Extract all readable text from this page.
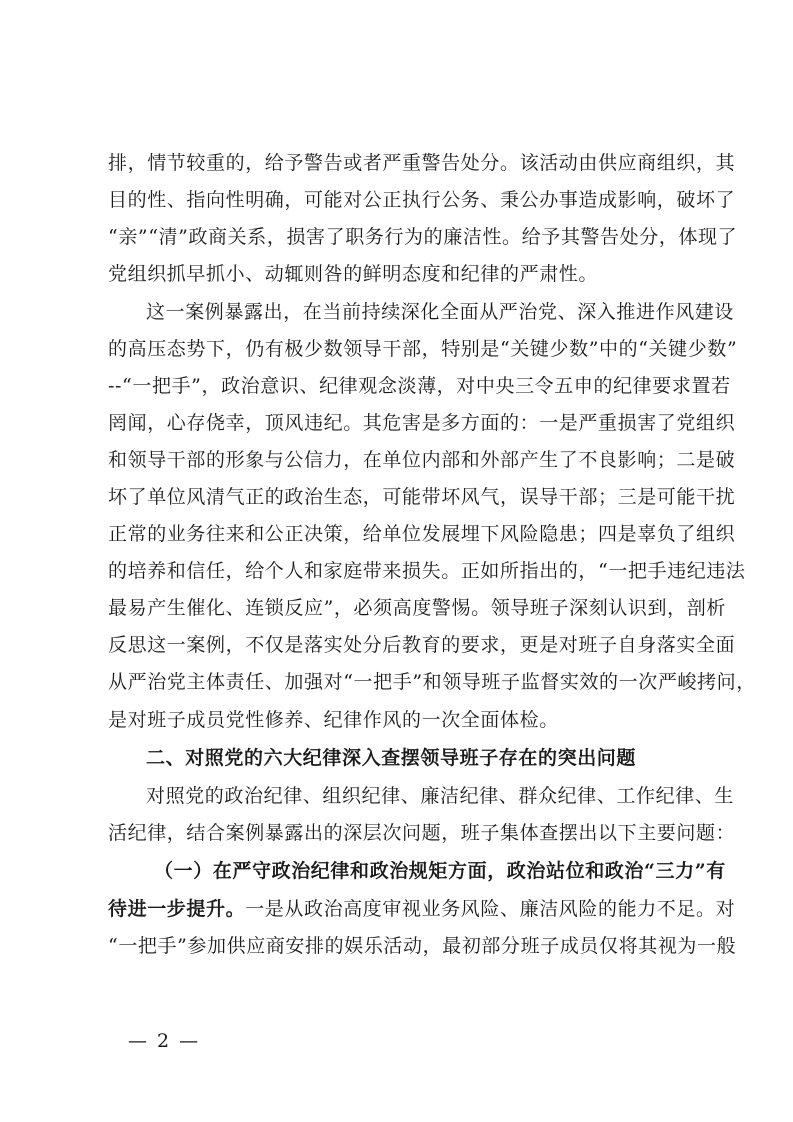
排，情节较重的，给予警告或者严重警告处分。该活动由供应商组织，其
目的性、指向性明确，可能对公正执行公务、秉公办事造成影响，破坏了
“亲”“清”政商关系，损害了职务行为的廉洁性。给予其警告处分，体现了
党组织抓早抓小、动辄则咎的鲜明态度和纪律的严肃性。
这一案例暴露出，在当前持续深化全面从严治党、深入推进作风建设
的高压态势下，仍有极少数领导干部，特别是“关键少数”中的“关键少数”
--“一把手”，政治意识、纪律观念淡薄，对中央三令五申的纪律要求置若
罔闻，心存侥幸，顶风违纪。其危害是多方面的：一是严重损害了党组织
和领导干部的形象与公信力，在单位内部和外部产生了不良影响；二是破
坏了单位风清气正的政治生态，可能带坏风气，误导干部；三是可能干扰
正常的业务往来和公正决策，给单位发展埋下风险隐患；四是辜负了组织
的培养和信任，给个人和家庭带来损失。正如所指出的，“一把手违纪违法
最易产生催化、连锁反应”，必须高度警惕。领导班子深刻认识到，剖析
反思这一案例，不仅是落实处分后教育的要求，更是对班子自身落实全面
从严治党主体责任、加强对“一把手”和领导班子监督实效的一次严峻拷问，
是对班子成员党性修养、纪律作风的一次全面体检。
二、对照党的六大纪律深入查摆领导班子存在的突出问题
对照党的政治纪律、组织纪律、廉洁纪律、群众纪律、工作纪律、生
活纪律，结合案例暴露出的深层次问题，班子集体查摆出以下主要问题：
（一）在严守政治纪律和政治规矩方面，政治站位和政治“三力”有
待进一步提升。一是从政治高度审视业务风险、廉洁风险的能力不足。对
“一把手”参加供应商安排的娱乐活动，最初部分班子成员仅将其视为一般
— 2 —
